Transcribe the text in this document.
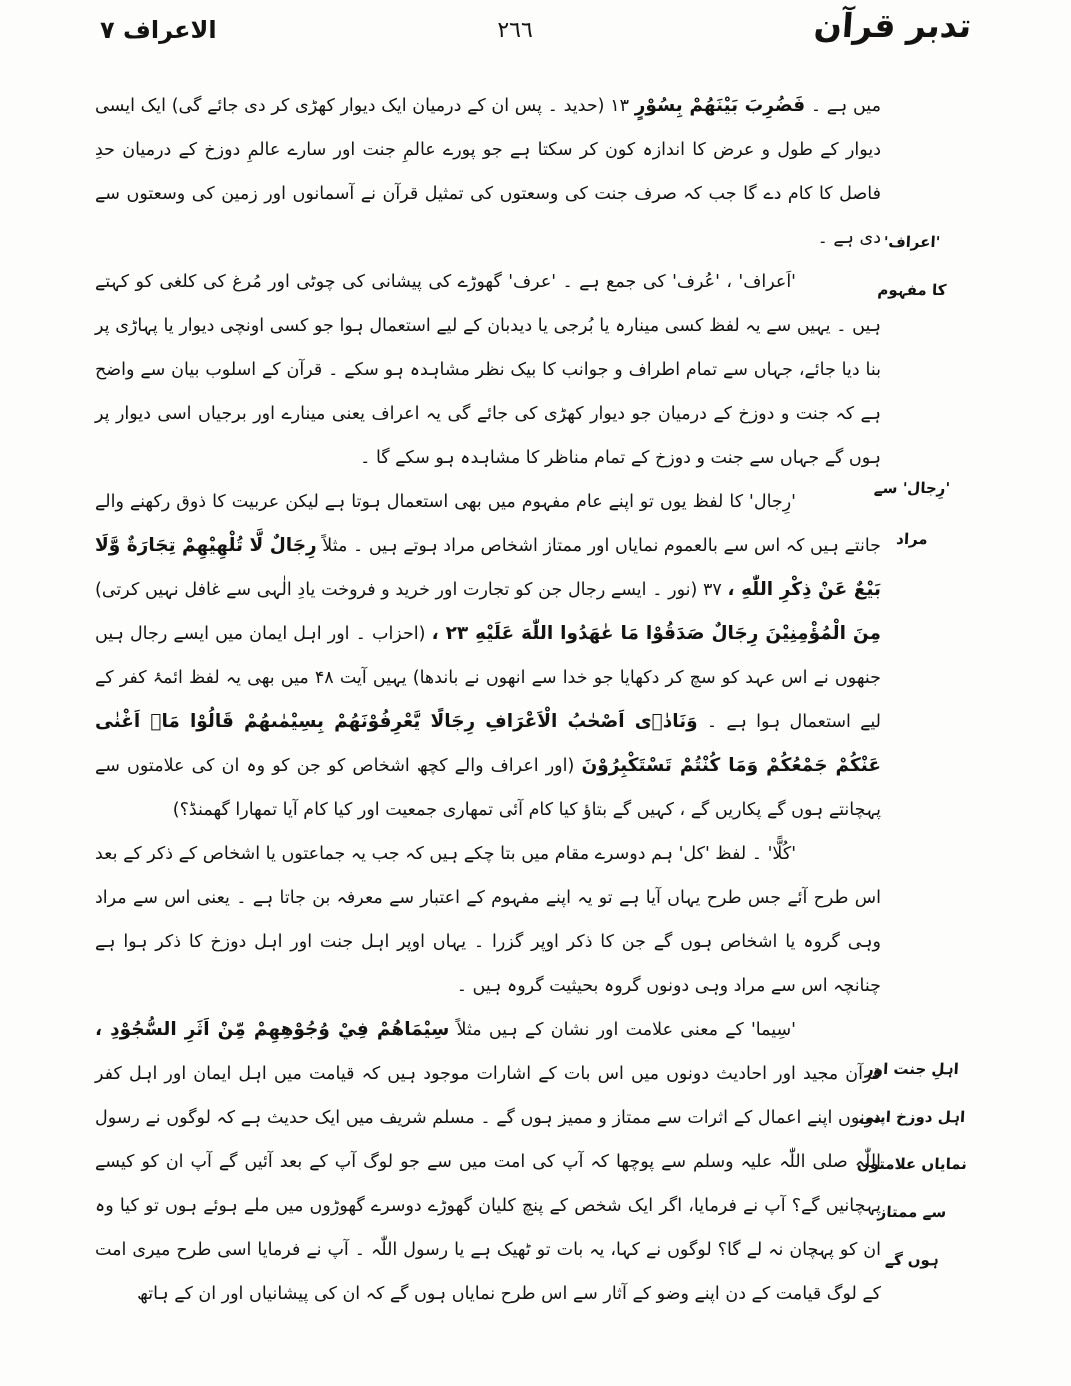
تدبر قرآن
٢٦٦
الاعراف ۷
'اعراف'
کا مفہوم
'رِجال' سے
مراد
اہلِ جنت اور
اہل دوزخ اپنی
نمایاں علامتوں
سے ممتاز
ہوں گے

میں ہے ۔ فَضُرِبَ بَيْنَهُمْ بِسُوْرٍ ۱۳ (حدید ۔ پس ان کے درمیان ایک دیوار کھڑی کر دی جائے گی) ایک ایسی دیوار کے طول و عرض کا اندازہ کون کر سکتا ہے جو پورے عالمِ جنت اور سارے عالمِ دوزخ کے درمیان حدِ فاصل کا کام دے گا جب کہ صرف جنت کی وسعتوں کی تمثیل قرآن نے آسمانوں اور زمین کی وسعتوں سے دی ہے ۔

'اَعراف' ، 'عُرف' کی جمع ہے ۔ 'عرف' گھوڑے کی پیشانی کی چوٹی اور مُرغ کی کلغی کو کہتے ہیں ۔ یہیں سے یہ لفظ کسی مینارہ یا بُرجی یا دیدبان کے لیے استعمال ہوا جو کسی اونچی دیوار یا پہاڑی پر بنا دیا جائے، جہاں سے تمام اطراف و جوانب کا بیک نظر مشاہدہ ہو سکے ۔ قرآن کے اسلوب بیان سے واضح ہے کہ جنت و دوزخ کے درمیان جو دیوار کھڑی کی جائے گی یہ اعراف یعنی مینارے اور برجیاں اسی دیوار پر ہوں گے جہاں سے جنت و دوزخ کے تمام مناظر کا مشاہدہ ہو سکے گا ۔

'رِجال' کا لفظ یوں تو اپنے عام مفہوم میں بھی استعمال ہوتا ہے لیکن عربیت کا ذوق رکھنے والے جانتے ہیں کہ اس سے بالعموم نمایاں اور ممتاز اشخاص مراد ہوتے ہیں ۔ مثلاً رِجَالٌ لَّا تُلْهِيْهِمْ تِجَارَةٌ وَّلَا بَيْعٌ عَنْ ذِكْرِ اللّٰهِ ، ۳۷ (نور ۔ ایسے رجال جن کو تجارت اور خرید و فروخت یادِ الٰہی سے غافل نہیں کرتی) مِنَ الْمُؤْمِنِيْنَ رِجَالٌ صَدَقُوْا مَا عٰهَدُوا اللّٰهَ عَلَيْهِ ۲۳ ، (احزاب ۔ اور اہل ایمان میں ایسے رجال ہیں جنھوں نے اس عہد کو سچ کر دکھایا جو خدا سے انھوں نے باندھا) یہیں آیت ۴۸ میں بھی یہ لفظ ائمۂ کفر کے لیے استعمال ہوا ہے ۔ وَنَادٰۤى اَصْحٰبُ الْاَعْرَافِ رِجَالًا يَّعْرِفُوْنَهُمْ بِسِيْمٰىهُمْ قَالُوْا مَاۤ اَغْنٰى عَنْكُمْ جَمْعُكُمْ وَمَا كُنْتُمْ تَسْتَكْبِرُوْنَ (اور اعراف والے کچھ اشخاص کو جن کو وہ ان کی علامتوں سے پہچانتے ہوں گے پکاریں گے ، کہیں گے بتاؤ کیا کام آئی تمھاری جمعیت اور کیا کام آیا تمھارا گھمنڈ؟)

'كُلًّا' ۔ لفظ 'کل' ہم دوسرے مقام میں بتا چکے ہیں کہ جب یہ جماعتوں یا اشخاص کے ذکر کے بعد اس طرح آئے جس طرح یہاں آیا ہے تو یہ اپنے مفہوم کے اعتبار سے معرفہ بن جاتا ہے ۔ یعنی اس سے مراد وہی گروہ یا اشخاص ہوں گے جن کا ذکر اوپر گزرا ۔ یہاں اوپر اہل جنت اور اہل دوزخ کا ذکر ہوا ہے چنانچہ اس سے مراد وہی دونوں گروہ بحیثیت گروہ ہیں ۔

'سِیما' کے معنی علامت اور نشان کے ہیں مثلاً سِيْمَاهُمْ فِيْ وُجُوْهِهِمْ مِّنْ اَثَرِ السُّجُوْدِ ، قرآن مجید اور احادیث دونوں میں اس بات کے اشارات موجود ہیں کہ قیامت میں اہل ایمان اور اہل کفر دونوں اپنے اعمال کے اثرات سے ممتاز و ممیز ہوں گے ۔ مسلم شریف میں ایک حدیث ہے کہ لوگوں نے رسول اللّٰہ صلی اللّٰہ علیہ وسلم سے پوچھا کہ آپ کی امت میں سے جو لوگ آپ کے بعد آئیں گے آپ ان کو کیسے پہچانیں گے؟ آپ نے فرمایا، اگر ایک شخص کے پنچ کلیان گھوڑے دوسرے گھوڑوں میں ملے ہوئے ہوں تو کیا وہ ان کو پہچان نہ لے گا؟ لوگوں نے کہا، یہ بات تو ٹھیک ہے یا رسول اللّٰہ ۔ آپ نے فرمایا اسی طرح میری امت کے لوگ قیامت کے دن اپنے وضو کے آثار سے اس طرح نمایاں ہوں گے کہ ان کی پیشانیاں اور ان کے ہاتھ
